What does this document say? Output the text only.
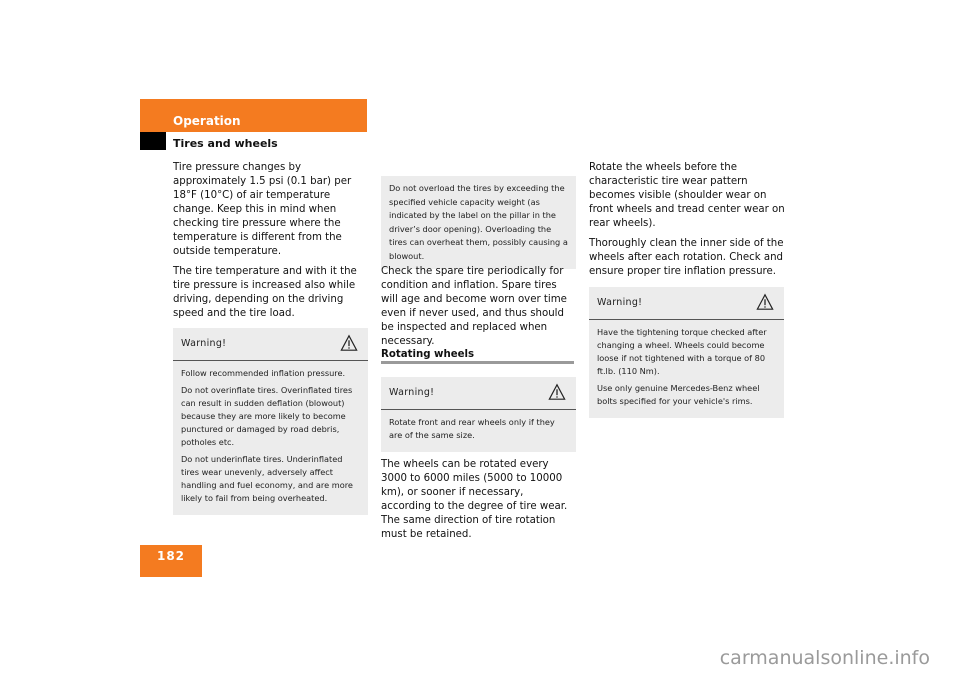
Operation
Tires and wheels

Tire pressure changes by approximately 1.5 psi (0.1 bar) per 18°F (10°C) of air temperature change. Keep this in mind when checking tire pressure where the temperature is different from the outside temperature.

The tire temperature and with it the tire pressure is increased also while driving, depending on the driving speed and the tire load.

Warning!

Follow recommended inflation pressure.

Do not overinflate tires. Overinflated tires can result in sudden deflation (blowout) because they are more likely to become punctured or damaged by road debris, potholes etc.

Do not underinflate tires. Underinflated tires wear unevenly, adversely affect handling and fuel economy, and are more likely to fail from being overheated.

Do not overload the tires by exceeding the specified vehicle capacity weight (as indicated by the label on the pillar in the driver’s door opening). Overloading the tires can overheat them, possibly causing a blowout.

Check the spare tire periodically for condition and inflation. Spare tires will age and become worn over time even if never used, and thus should be inspected and replaced when necessary.

Rotating wheels
Warning!

Rotate front and rear wheels only if they are of the same size.

The wheels can be rotated every 3000 to 6000 miles (5000 to 10000 km), or sooner if necessary, according to the degree of tire wear. The same direction of tire rotation must be retained.

Rotate the wheels before the characteristic tire wear pattern becomes visible (shoulder wear on front wheels and tread center wear on rear wheels).

Thoroughly clean the inner side of the wheels after each rotation. Check and ensure proper tire inflation pressure.

Warning!

Have the tightening torque checked after changing a wheel. Wheels could become loose if not tightened with a torque of 80 ft.lb. (110 Nm).

Use only genuine Mercedes-Benz wheel bolts specified for your vehicle's rims.

182
carmanualsonline.info
